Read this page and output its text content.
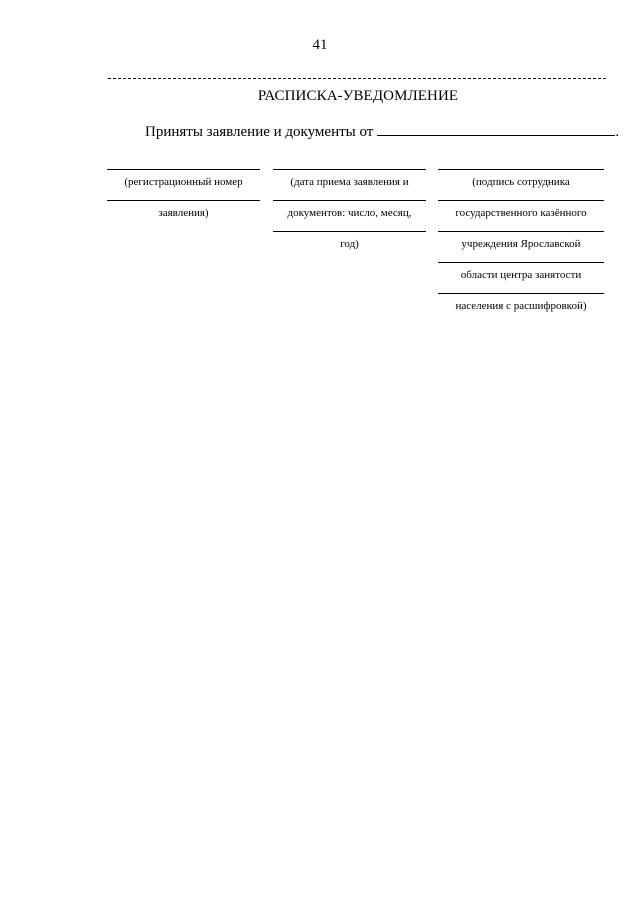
41
РАСПИСКА-УВЕДОМЛЕНИЕ
Приняты заявление и документы от	.
(регистрационный номер
заявления)
(дата приема заявления и
документов: число, месяц,
год)
(подпись сотрудника
государственного казённого
учреждения Ярославской
области центра занятости
населения с расшифровкой)
